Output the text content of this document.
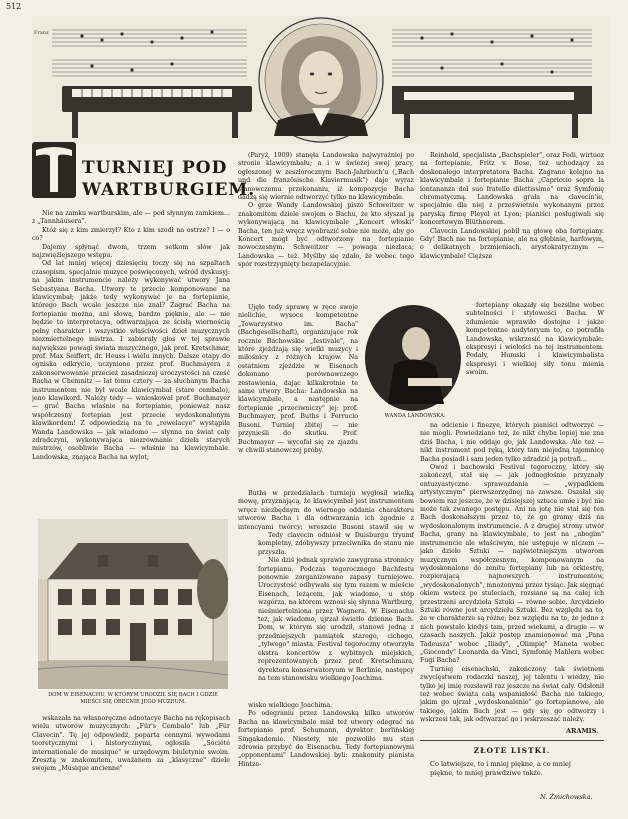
512
Franz
TURNIEJ POD
WARTBURGIEM.

Nie na zamku wartburskim, ale — pod słynnym zamkiem... z „Tannhäusera".

Któż się z kim zmierzył? Kto z kim szedł na ostrze? I — o co?

Dajemy spłynąć dwom, trzem setkom słów jak najzwięźlejszego wstępu.

Od lat mniej więcej dziesięciu toczy się na szpaltach czasopism, specjalnie muzyce poświęconych, wśród dyskusyj: na jakim instrumencie należy wykonywać utwory Jana Sebastyana Bacha. Utwory te przecie komponowane na klawicymbał; jakże tedy wykonywać je na fortepianie, którego Bach wcale jeszcze nie znał? Zagrać Bacha na fortepianie można, ani słowa, bardzo pięknie, ale — nie będzie to interpretacya, odtwarzająca ze ścisłą wiernością pełny charakter i wszystkie właściwości dzieł muzycznych niezmiertelnego mistrza. I zabierały głos w tej sprawie największe powagi świata muzycznego, jak prof. Kretschmar, prof. Max Seiffert, dr. Heuss i wielu innych. Dalsze etapy do ogniska odkrycie, uczynione przez prof. Buchmayera z zakonserwowanie przecież zasadniczej uroczystości na cześć Bacha w Chemnitz — lat temu cztery — za słuchanym Bacha instrumentem nie był wcale klawicymbał (stare cembalo), jeno klawikord. Należy tedy — wnioskował prof. Buchmayer — grać Bacha właśnie na fortepianie, ponieważ nasz współczesny fortepian jest przecie wydoskonalonym klawikordem! Z odpowiedzią na te „rewelacye" wystąpiła Wanda Landowska — jak wiadomo — słynna na świat cały zdradczyni, wykonywająca niezrównanie dzieła starych mistrzów, osobliwie Bacha — właśnie na klawicymbale. Landowska, znająca Bacha na wylot,

DOM W EISENACHU, W KTÓRYM URODZIŁ SIĘ BACH I GDZIE MIEŚCI SIĘ OBECNIE JEGO MUZEUM.

wskazała na własnoręczne adnotacye Bacha na rękopisach wielu utworów muzycznych: „Für's Cembalo" lub „Für Clavecin". Tę jej odpowiedź, poparta cennymi wywodami teoretycznymi i historycznymi, ogłosiła „Société internationale de musique" w urzędowym biuletynie swoim. Zresztą w znakomitem, uważanem za „klasyczne" dziele swojem „Musique ancienne"

(Paryż, 1909) stanęła Landowska najwyraźniej po stronie klawicymbału; a i w świeżej swej pracy, ogłoszonej w zeszłorocznym Bach-Jahrbuch'u („Bach und die französische Klaviermusik") daje wyraz stanowczemu przekonaniu, iż kompozycje Bacha dadzą się wiernie odtworzyć tylko na klawicymbale.

O grze Wandy Landowskiej pisze Schweitzer w znakomitem dziele swojem o Bachu, że kto słyszał ją wykonywającą na klawicymbale „Koncert włoski" Bacha, ten już wręcz wyobrazić sobie nie może, aby go Koncert mógł być odtworzony na fortepianie nowoczesnym. Schweitzer — powaga niezłaca; Landowska — też. Myślby się zdało, że wobec tego spór rozstrzygnięty bezapelacyjnie.

Ujęło tedy sprawę w ręce swoje nielichie, wysoce kompetentne „Towarzystwo im. Bacha" (Bachgesellschaft), organizujące rok rocznie Bachowskie „festivale", na które zjeżdżają się wielki muzycy i miłośnicy z różnych krajów. Na ostatniem zjeździe w Eisenach dokonano porównawczego zestawienia, dając kilkakrotnie te same utwory Bacha: Landowska na klawicymbale, a następnie na fortepianie „przeciwniczy" jej: prof. Buchmayer, prof. Buths i Ferrucio Busoni. Turniej zbitej — nie przynieśli do skutku. Prof. Buchmayer — wycofał się ze zjazdu w chwili stanowczej próby.

Buths w przedziałach turnieju wygłosił wielką mowę, przyznającą, że klawicymbał jest instrumentem wręcz niezbędnym do wiernego oddania charakteru utworów Bacha i dla odtwarzania ich zgodnie z intencyami twórcy; wreszcie Busoni stawił się w

Tedy clavecin odniósł w Duisburgu tryumf kompletny, zdobywszy przeciwnika do stanu nie przyszła.

Nie dziś jednak sprawie zawygrana stronnicy fortepianu. Podczas tegorocznego Bachfestu ponownie zorganizowano zapasy turniejowe. Uroczystość odbywała się tym razem w mieście Eisenach, leżącem, jak wiadomo, u stóp wzgórza, na którem wznosi się słynna Wartburg, nieśmiertelniona przez Wagnera. W Eisenachu też, jak wiadomo, ujrzał światło dzienne Bach. Dom, w którym się urodził, stanowi jedną z przedniejszych pamiątek starego, cichego, „tylwego" miasta. Festival tegoroczny otworzyła ekstra koncertów z wybitnych miejskich, reprezentowanych przez prof. Kretschmara, dyrektora konserwatoryum w Berlinie, następcy na tem stanowisku wielkiego Joachima.

wisko wielkiego Joachima.

Po odegraniu przez Landowską kilku utworów Bacha na klawicymbale miał też utwory odegrać na fortepianie prof. Schumann, dyrektor berlińskiej Singakademie. Niestety, nie pozwoliło mu stan zdrowia przybyć do Eisenachu. Tedy fortepianowymi „opponentami" Landowskiej byli: znakomity pianista Hintze-

WANDA LANDOWSKA.

Reinhold, specjalista „Bachspieler", oraz Fedi, wirtuoz na fortepianie, Fritz v. Bose, też uchodzący za doskonałego interpretatora Bacha. Zagrano kolejno na klawicymbale i fortepianie Bacha „Capriccio sopra la lontananza del suo fratello dilettissimo" oraz Symfonię chromatyczną. Landowska grała na clavecin'ie, specjalnie dla niej z prześwietnie wykonanym przez paryską firmę Pleyel et Lyon; pianiści posługiwali się koncertowym Blüthnerem.

Clavecin Landowskiej pobił na głowę oba fortepiany. Gdy! Bach nie na fortepianie, ale na głębinie, harfowym, o delikatnych brzmieniach, arystokratycznym — klawicymbale! Cięższe

fortepiany okazały się bezsilne wobec subtelności i stylowości Bacha. W zdumienie wprawiło dostojne i jakże kompetentne audytoryum to, co potrafiła Landowska, wskrzesić na klawicymbale: ekspresyi i wielości na tej instrumentem. Podały, Humski i klawicymbalista ekspresyi i wielkiej siły tonu mienia swoim.

na odcienie i finezye, których pianiści odtworzyć — nie mogli. Powiedziano też, że nikt chyba lepiej nie zna dziś Bacha, i nie oddaje go, jak Landowska. Ale też — nikt instrument pod ręką, który tam niejedną tajemnicę Bacha posiadł i sam jeden tylko zdradzić ją potrafi...

Owoż i bachowski Festival tegoroczny, który się zakończył, stał się — jak jednogłośnie przyznały entuzyastyczne sprawozdania — „wypadkiem artystycznym" pierwszorzędnej na zawsze. Oszałał się bowiem raz jeszcze, że w dzisiejszej sztuce umie i być nie może tak zwanego postępu. Ani na jotę nie stał się ten Bach doskonałszym przez to, że go gramy dziś na wydoskonalonym instrumencie. A z drugiej strony utwór Bacha, grany na klawicymbale, to jest na „ubogim" instrumencie ale właściwym, nie ustępuje w niczem — jako dzieło Sztuki — najświetniejszym utworom muzycznym współczesnym, komponowanym na wydoskonalone do zenitu fortepiany lub na orkiestrę, rozpierającą najnowszych instrumentów, „wydoskonalonych", mnożonymi przez tysiąc. Jak sięgnąć okiem wstecz po stuleciach, rozsiane są na całej ich przestrzeni arcydzieła Sztuki — równe sobie. Arcydzieło Sztuki równe jest arcydziełu Sztuki. Bez względu na to, że w charakterze są różne; bez względu na to, że jedno z nich powstało kiedyś tam, przed wiekami, a drugie — w czasach naszych. Jakiż postęp znamionować ma „Pana Tadeusza" wobec „Iliady", „Olimpię" Maneta wobec „Giocondy" Leonarda da Vinci, Symfonię Mahlera wobec Fugi Bacha?

Turniej eisenachski, zakończony tak świetnem zwycięstwem rodaczki naszej, jej talentu i wiedzy, nie tylko jej imię rozsławił raz jeszcze na świat cały. Odsłonił też wobec świata całą wspaniałość Bacha nie takiego, jakim go ujrzał „wydoskonalenie" go fortepianowe, ale takiego, jakim Bach jest — gdy się go odtworzy i wskrzesi tak, jak odtwarzać go i wskrzeszać należy.

ARAMIS.
ZŁOTE LISTKI.
Co latwiejsze, to i mniej piękne, a co mniej
piękne, to mniej prawdziwe także.
N. Żmichowska.
